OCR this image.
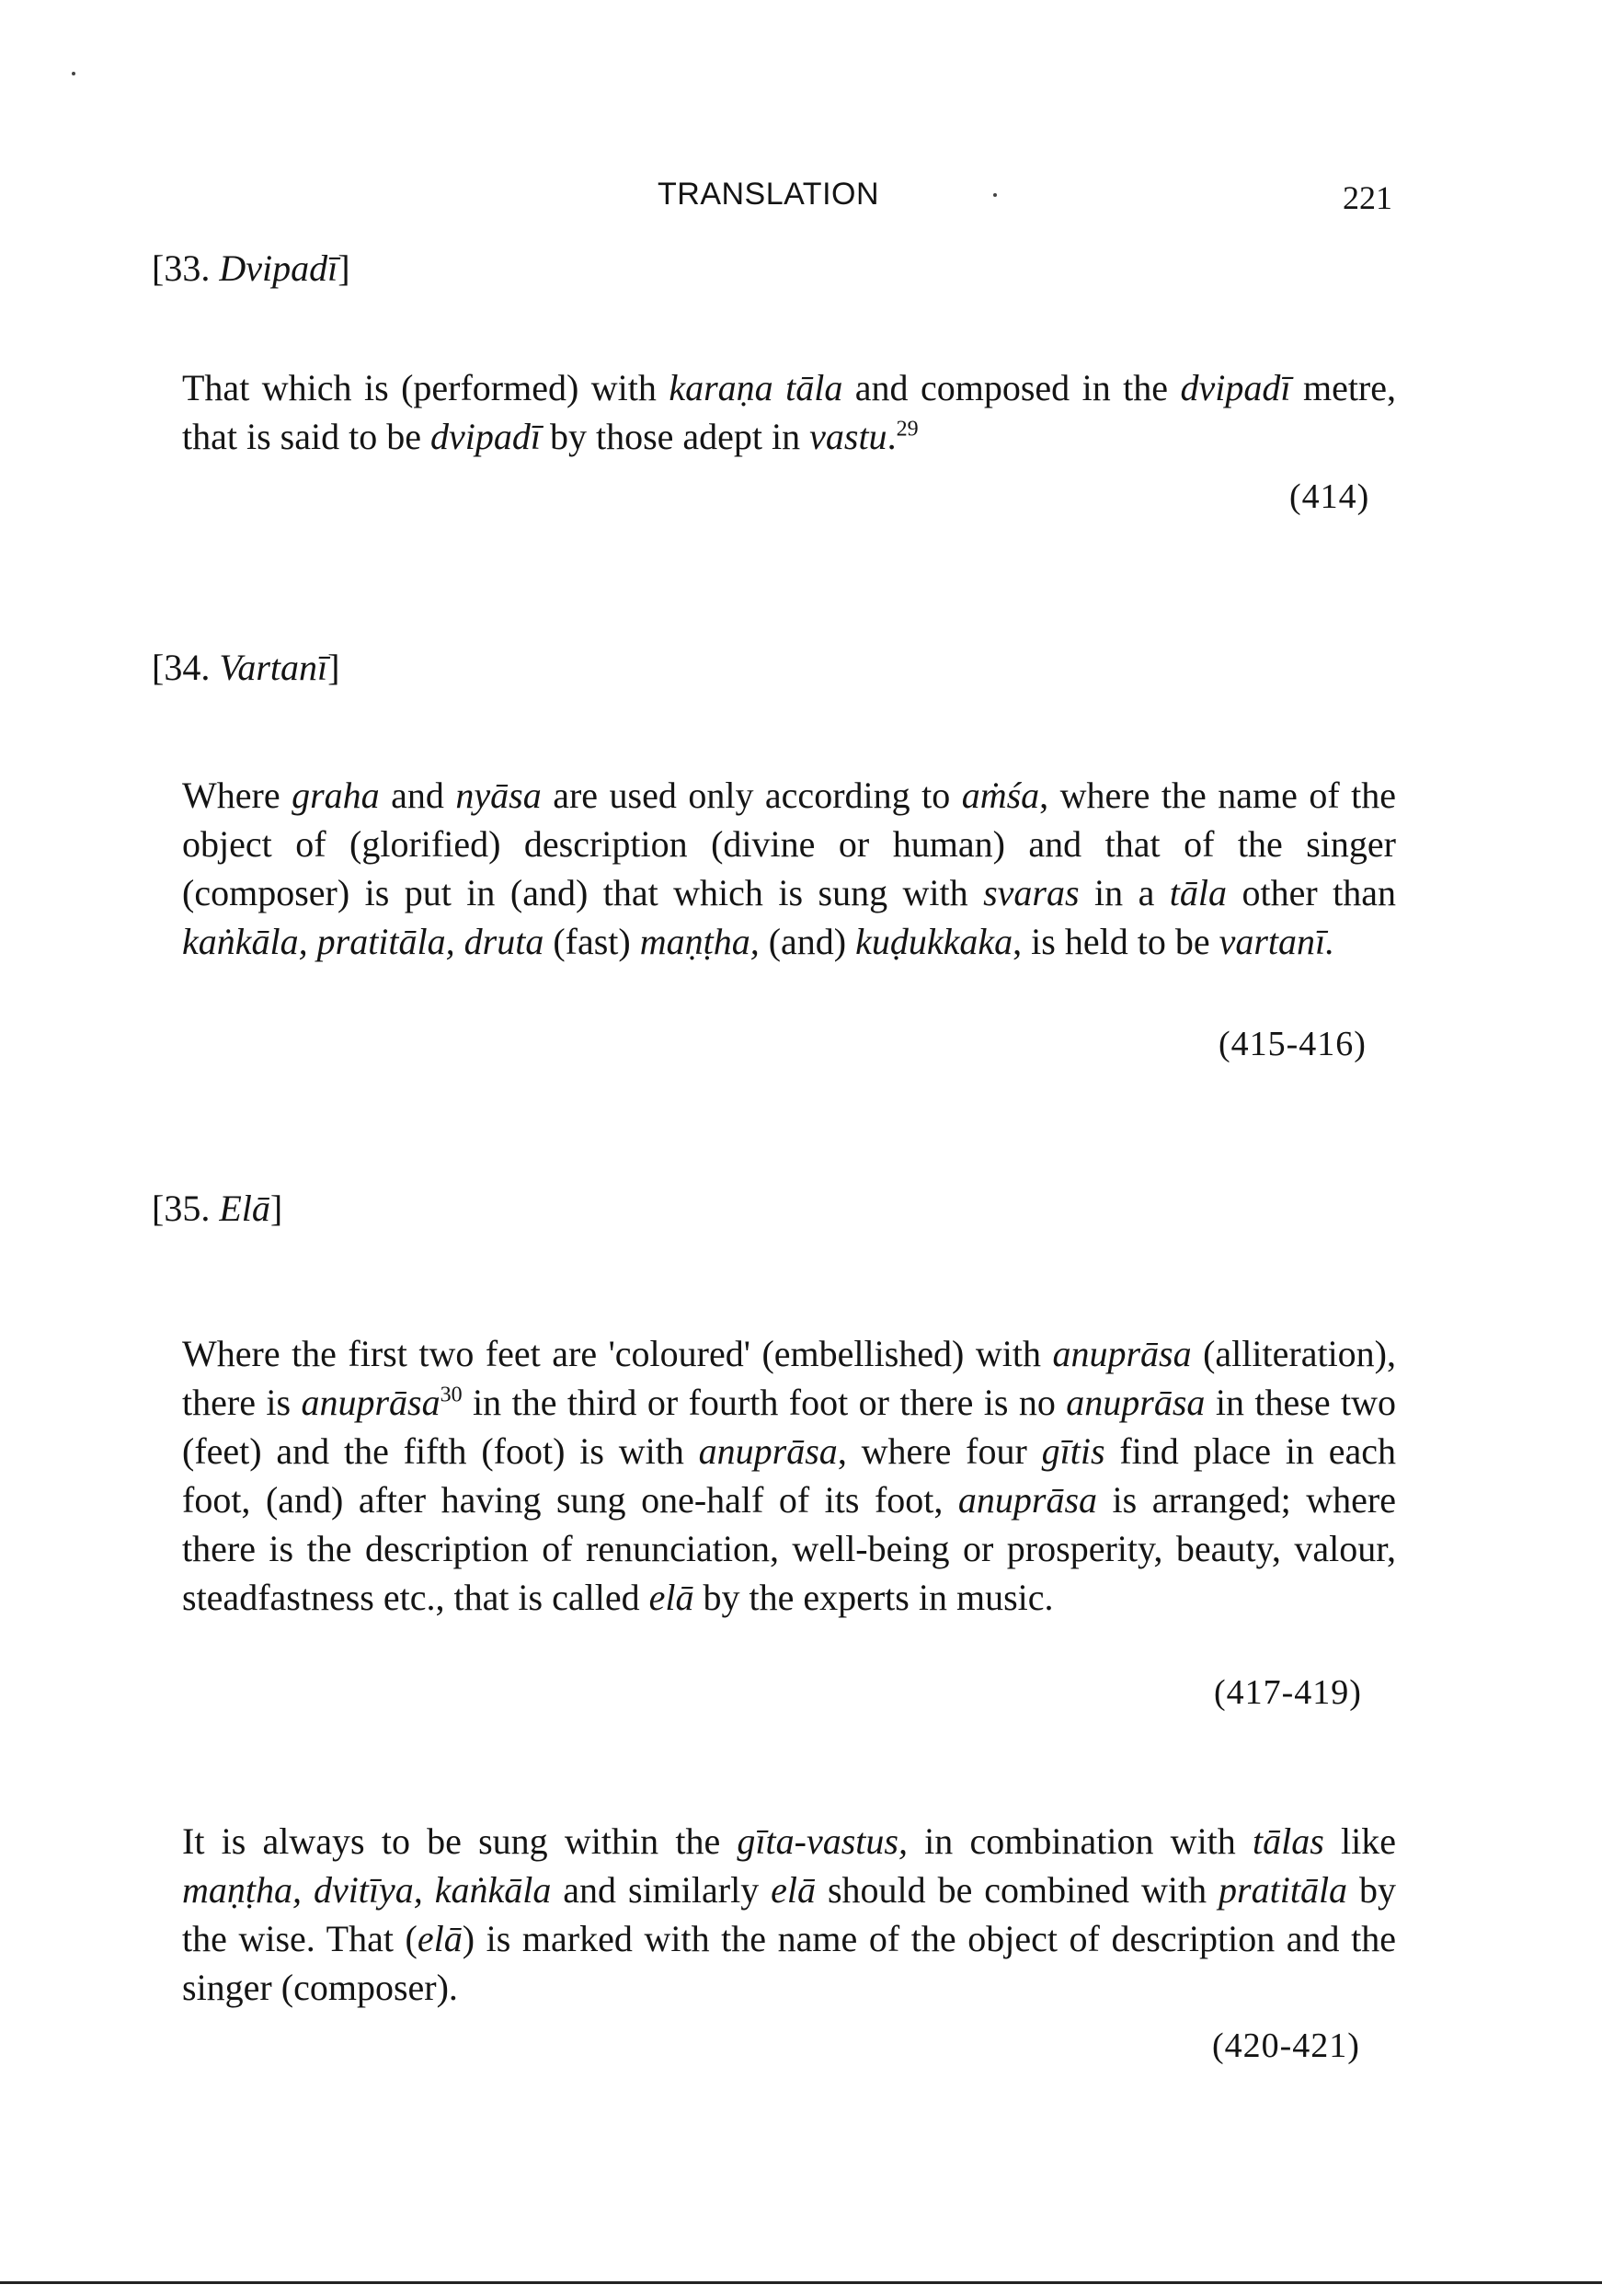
TRANSLATION	221
[33. Dvipadī]

That which is (performed) with karaṇa tāla and composed in the dvipadī metre, that is said to be dvipadī by those adept in vastu.$^{29}$

(414)
[34. Vartanī]

Where graha and nyāsa are used only according to aṁśa, where the name of the object of (glorified) description (divine or human) and that of the singer (composer) is put in (and) that which is sung with svaras in a tāla other than kaṅkāla, pratitāla, druta (fast) maṇṭha, (and) kuḍukkaka, is held to be vartanī.

(415-416)
[35. Elā]

Where the first two feet are 'coloured' (embellished) with anuprāsa (alliteration), there is anuprāsa$^{30}$ in the third or fourth foot or there is no anuprāsa in these two (feet) and the fifth (foot) is with anuprāsa, where four gītis find place in each foot, (and) after having sung one-half of its foot, anuprāsa is arranged; where there is the description of renunciation, well-being or prosperity, beauty, valour, steadfastness etc., that is called elā by the experts in music.

(417-419)

It is always to be sung within the gīta-vastus, in combination with tālas like maṇṭha, dvitīya, kaṅkāla and similarly elā should be combined with pratitāla by the wise. That (elā) is marked with the name of the object of description and the singer (composer).

(420-421)
